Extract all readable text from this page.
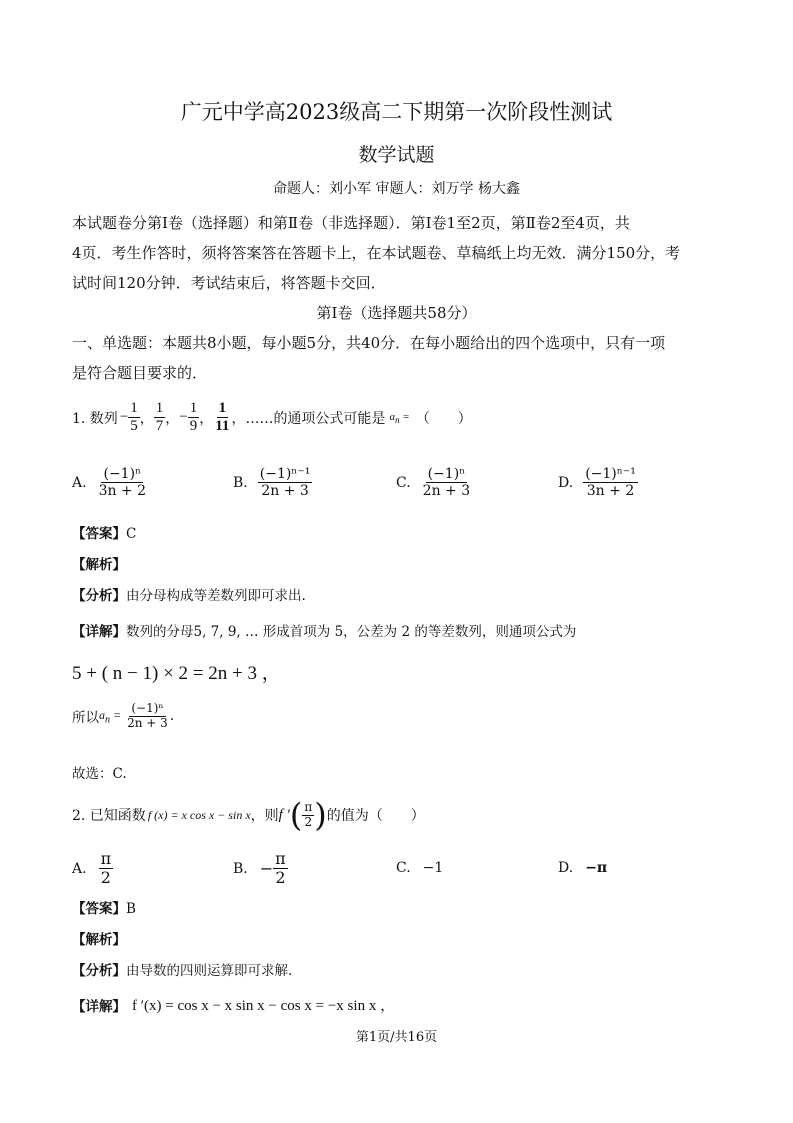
广元中学高2023级高二下期第一次阶段性测试
数学试题
命题人：刘小军 审题人：刘万学 杨大鑫
本试题卷分第Ⅰ卷（选择题）和第Ⅱ卷（非选择题）．第Ⅰ卷1至2页，第Ⅱ卷2至4页，共
4页．考生作答时，须将答案答在答题卡上，在本试题卷、草稿纸上均无效．满分150分，考
试时间120分钟．考试结束后，将答题卡交回．
第Ⅰ卷（选择题共58分）
一、单选题：本题共8小题，每小题5分，共40分．在每小题给出的四个选项中，只有一项
是符合题目要求的．
1. 数列 − $\frac{1}{5}$ ， $\frac{1}{7}$ ， − $\frac{1}{9}$ ， $\frac{1}{11}$ ， ……的通项公式可能是 $a_n$ = （　　）
A. $\frac{\text{(−1)ⁿ}}{3n + 2}$	B. $\frac{\text{(−1)ⁿ⁻¹}}{2n + 3}$	C. $\frac{\text{(−1)ⁿ}}{2n + 3}$	D. $\frac{\text{(−1)ⁿ⁻¹}}{3n + 2}$
【答案】C
【解析】
【分析】由分母构成等差数列即可求出.
【详解】数列的分母5, 7, 9, … 形成首项为 5，公差为 2 的等差数列，则通项公式为
5 + ( n − 1) × 2 = 2n + 3 ，
所以 $a_n = \frac{\text{(−1)ⁿ}}{2n + 3}$ .
故选：C.
2. 已知函数 f (x) = x cos x − sin x ，则 f ′ ( $\frac{\pi}{2}$ ) 的值为（　　）
A. $\frac{\pi}{2}$	B. − $\frac{\pi}{2}$	C. −1	D. −π
【答案】B
【解析】
【分析】由导数的四则运算即可求解.
【详解】 f ′(x) = cos x − x sin x − cos x = −x sin x ，
第1页/共16页
